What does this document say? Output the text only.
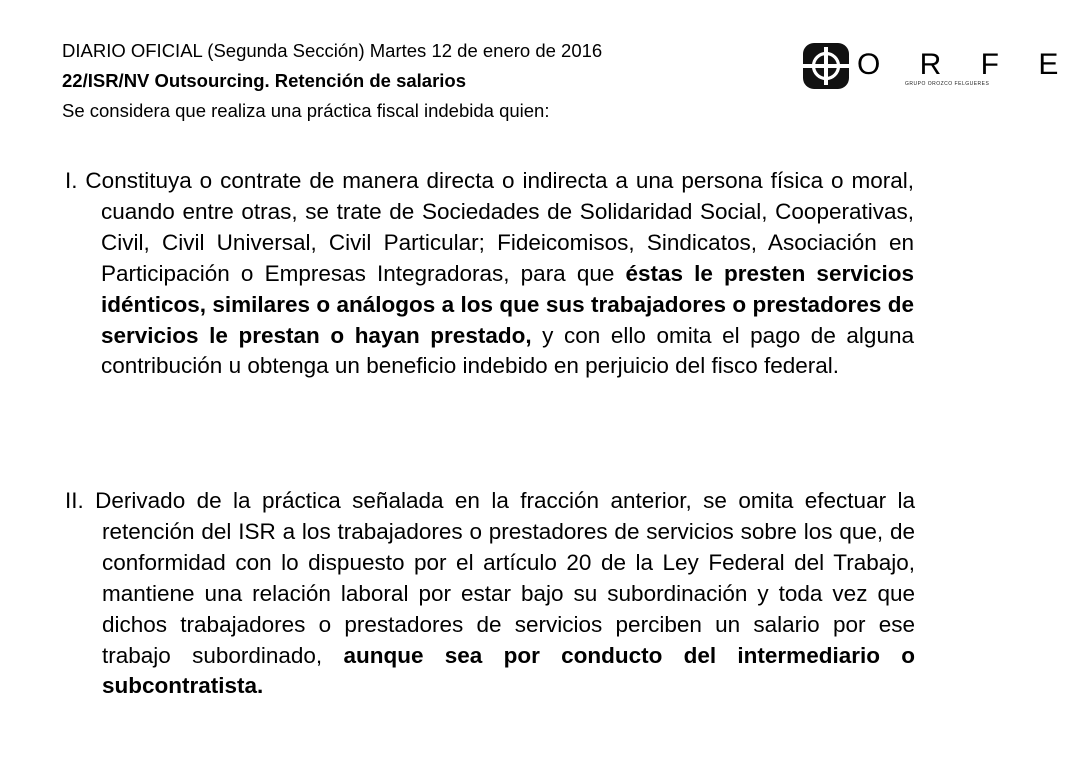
DIARIO OFICIAL (Segunda Sección) Martes 12 de enero de 2016
22/ISR/NV Outsourcing. Retención de salarios
Se considera que realiza una práctica fiscal indebida quien:
O R F E
GRUPO OROZCO FELGUERES
I. Constituya o contrate de manera directa o indirecta a una persona física o moral, cuando entre otras, se trate de Sociedades de Solidaridad Social, Cooperativas, Civil, Civil Universal, Civil Particular; Fideicomisos, Sindicatos, Asociación en Participación o Empresas Integradoras, para que éstas le presten servicios idénticos, similares o análogos a los que sus trabajadores o prestadores de servicios le prestan o hayan prestado, y con ello omita el pago de alguna contribución u obtenga un beneficio indebido en perjuicio del fisco federal.
II. Derivado de la práctica señalada en la fracción anterior, se omita efectuar la retención del ISR a los trabajadores o prestadores de servicios sobre los que, de conformidad con lo dispuesto por el artículo 20 de la Ley Federal del Trabajo, mantiene una relación laboral por estar bajo su subordinación y toda vez que dichos trabajadores o prestadores de servicios perciben un salario por ese trabajo subordinado, aunque sea por conducto del intermediario o subcontratista.
